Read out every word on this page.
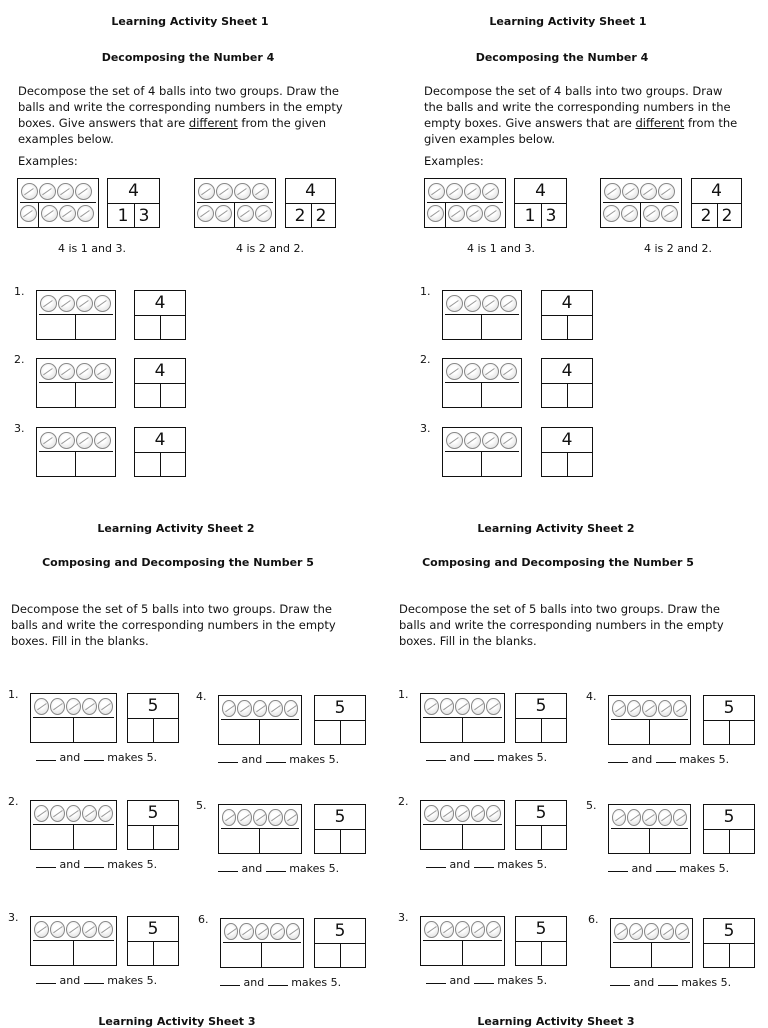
Learning Activity Sheet 1
Decomposing the Number 4
Decompose the set of 4 balls into two groups. Draw the balls and write the corresponding numbers in the empty boxes. Give answers that are different from the given examples below.
Examples:
4
1 3
4 is 1 and 3.
4
2 2
4 is 2 and 2.
1.
4
2.
4
3.
4
Learning Activity Sheet 2
Composing and Decomposing the Number 5
Decompose the set of 5 balls into two groups. Draw the balls and write the corresponding numbers in the empty boxes. Fill in the blanks.
1.
5
and makes 5.
4.
5
and makes 5.
2.
5
and makes 5.
5.
5
and makes 5.
3.
5
and makes 5.
6.
5
and makes 5.
Learning Activity Sheet 3
Learning Activity Sheet 1
Decomposing the Number 4
Decompose the set of 4 balls into two groups. Draw the balls and write the corresponding numbers in the empty boxes. Give answers that are different from the given examples below.
Examples:
4
1 3
4 is 1 and 3.
4
2 2
4 is 2 and 2.
1.
4
2.
4
3.
4
Learning Activity Sheet 2
Composing and Decomposing the Number 5
Decompose the set of 5 balls into two groups. Draw the balls and write the corresponding numbers in the empty boxes. Fill in the blanks.
1.
5
and makes 5.
4.
5
and makes 5.
2.
5
and makes 5.
5.
5
and makes 5.
3.
5
and makes 5.
6.
5
and makes 5.
Learning Activity Sheet 3
